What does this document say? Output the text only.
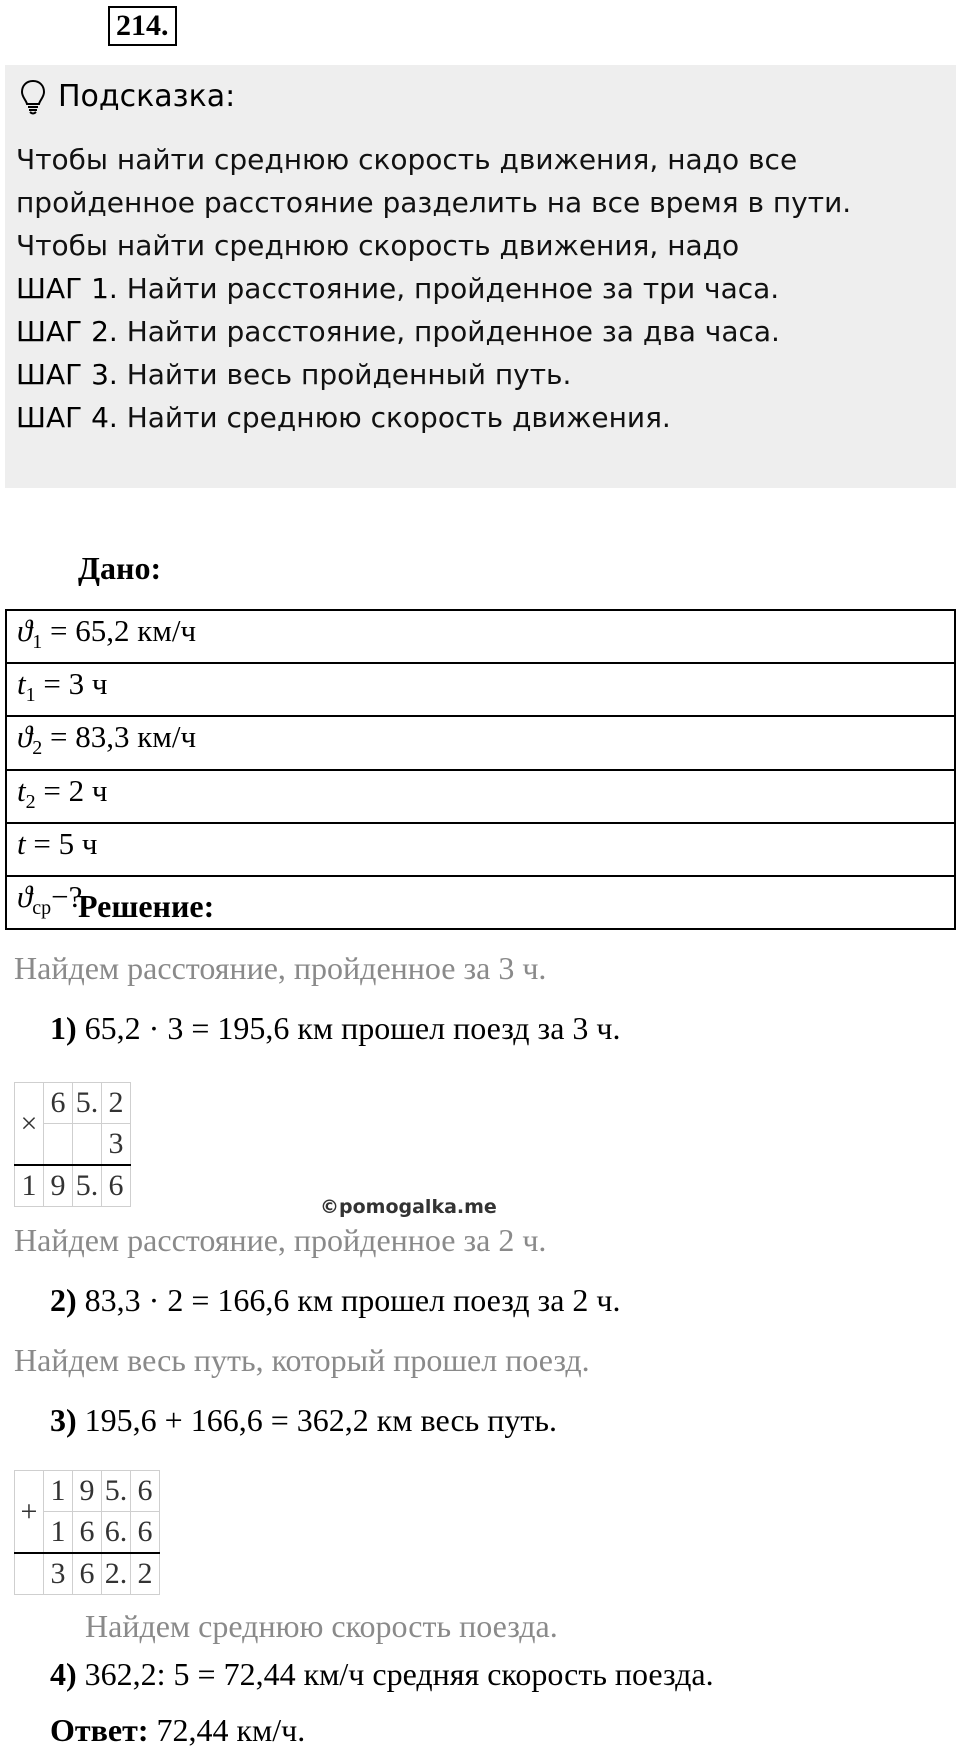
214.
Подсказка:
Чтобы найти среднюю скорость движения, надо все
пройденное расстояние разделить на все время в пути.
Чтобы найти среднюю скорость движения, надо
ШАГ 1. Найти расстояние, пройденное за три часа.
ШАГ 2. Найти расстояние, пройденное за два часа.
ШАГ 3. Найти весь пройденный путь.
ШАГ 4. Найти среднюю скорость движения.
Дано:
$ϑ_1 = 65,2$ км/ч
$t_1 = 3$ ч
$ϑ_2 = 83,3$ км/ч
$t_2 = 2$ ч
t = 5 ч
$ϑ_{ср}-$?
Решение:
Найдем расстояние, пройденное за 3 ч.
1) 65,2 · 3 = 195,6 км прошел поезд за 3 ч.
×	6	5.	2
			3
1	9	5.	6
©pomogalka.me
Найдем расстояние, пройденное за 2 ч.
2) 83,3 · 2 = 166,6 км прошел поезд за 2 ч.
Найдем весь путь, который прошел поезд.
3) 195,6 + 166,6 = 362,2 км весь путь.
+	1	9	5.	6
	1	6	6.	6
	3	6	2.	2
Найдем среднюю скорость поезда.
4) 362,2: 5 = 72,44 км/ч средняя скорость поезда.
Ответ: 72,44 км/ч.
